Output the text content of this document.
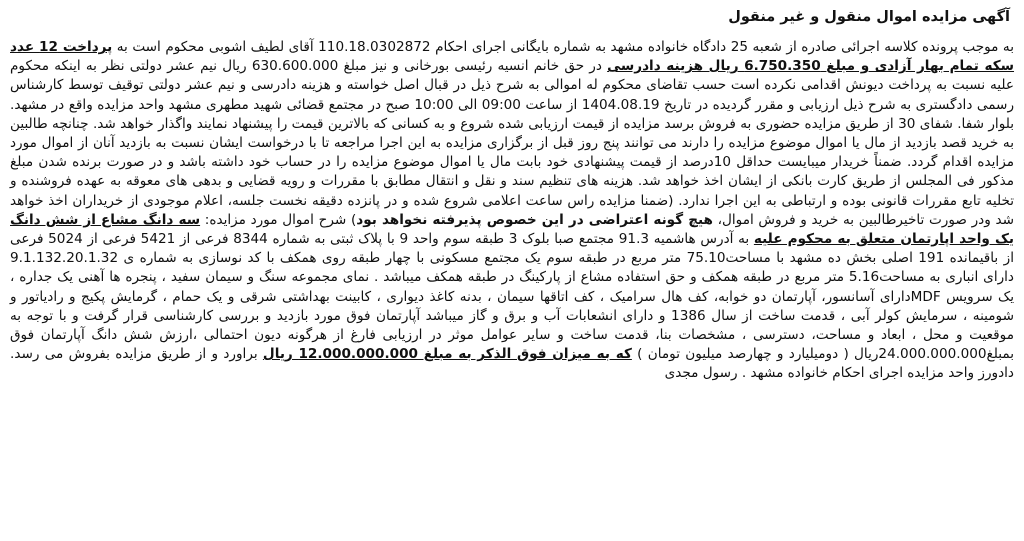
آگهی مزایده اموال منقول و غیر منقول

به موجب پرونده کلاسه اجرائی صادره از شعبه 25 دادگاه خانواده مشهد به شماره بایگانی اجرای احکام 110.18.0302872 آقای لطیف اشوبی محکوم است به پرداخت 12 عدد سکه تمام بهار آزادی و مبلغ 6.750.350 ریال هزینه دادرسی در حق خانم انسیه رئیسی بورخانی و نیز مبلغ 630.600.000 ریال نیم عشر دولتی نظر به اینکه محکوم علیه نسبت به پرداخت دیونش اقدامی نکرده است حسب تقاضای محکوم له اموالی به شرح ذیل در قبال اصل خواسته و هزینه دادرسی و نیم عشر دولتی توقیف توسط کارشناس رسمی دادگستری به شرح ذیل ارزیابی و مقرر گردیده در تاریخ 1404.08.19 از ساعت 09:00 الی 10:00 صبح در مجتمع قضائی شهید مطهری مشهد واحد مزایده واقع در مشهد. بلوار شفا. شفای 30 از طریق مزایده حضوری به فروش برسد مزایده از قیمت ارزیابی شده شروع و به کسانی که بالاترین قیمت را پیشنهاد نمایند واگذار خواهد شد. چنانچه طالبین به خرید قصد بازدید از مال یا اموال موضوع مزایده را دارند می توانند پنج روز قبل از برگزاری مزایده به این اجرا مراجعه تا با درخواست ایشان نسبت به بازدید آنان از اموال مورد مزایده اقدام گردد. ضمناً خریدار میبایست حداقل 10درصد از قیمت پیشنهادی خود بابت مال یا اموال موضوع مزایده را در حساب خود داشته باشد و در صورت برنده شدن مبلغ مذکور فی المجلس از طریق کارت بانکی از ایشان اخذ خواهد شد. هزینه های تنظیم سند و نقل و انتقال مطابق با مقررات و رویه قضایی و بدهی های معوقه به عهده فروشنده و تخلیه تابع مقررات قانونی بوده و ارتباطی به این اجرا ندارد. (ضمنا مزایده راس ساعت اعلامی شروع شده و در پانزده دقیقه نخست جلسه، اعلام موجودی از خریداران اخذ خواهد شد ودر صورت تاخیرطالبین به خرید و فروش اموال، هیچ گونه اعتراضی در این خصوص پذیرفته نخواهد بود) شرح اموال مورد مزایده: سه دانگ مشاع از شش دانگ یک واحد اپارتمان متعلق به محکوم علیه به آدرس هاشمیه 91.3 مجتمع صبا بلوک 3 طبقه سوم واحد 9 با پلاک ثبتی به شماره 8344 فرعی از 5421 فرعی از 5024 فرعی از باقیمانده 191 اصلی بخش ده مشهد با مساحت75.10 متر مربع در طبقه سوم یک مجتمع مسکونی با چهار طبقه روی همکف با کد نوسازی به شماره ی 9.1.132.20.1.32 دارای انباری به مساحت5.16 متر مربع در طبقه همکف و حق استفاده مشاع از پارکینگ در طبقه همکف میباشد . نمای مجموعه سنگ و سیمان سفید ، پنجره ها آهنی یک جداره ، یک سرویس MDFدارای آسانسور، آپارتمان دو خوابه، کف هال سرامیک ، کف اتاقها سیمان ، بدنه کاغذ دیواری ، کابینت بهداشتی شرقی و یک حمام ، گرمایش پکیج و رادیاتور و شومینه ، سرمایش کولر آبی ، قدمت ساخت از سال 1386 و دارای انشعابات آب و برق و گاز میباشد آپارتمان فوق مورد بازدید و بررسی کارشناسی قرار گرفت و با توجه به موقعیت و محل ، ابعاد و مساحت، دسترسی ، مشخصات بنا، قدمت ساخت و سایر عوامل موثر در ارزیابی فارغ از هرگونه دیون احتمالی ،ارزش شش دانگ آپارتمان فوق بمبلغ24.000.000.000ریال ( دومیلیارد و چهارصد میلیون تومان ) که به میزان فوق الذکر به مبلغ 12.000.000.000 ریال براورد و از طریق مزایده بفروش می رسد. دادورز واحد مزایده اجرای احکام خانواده مشهد . رسول مجدی
